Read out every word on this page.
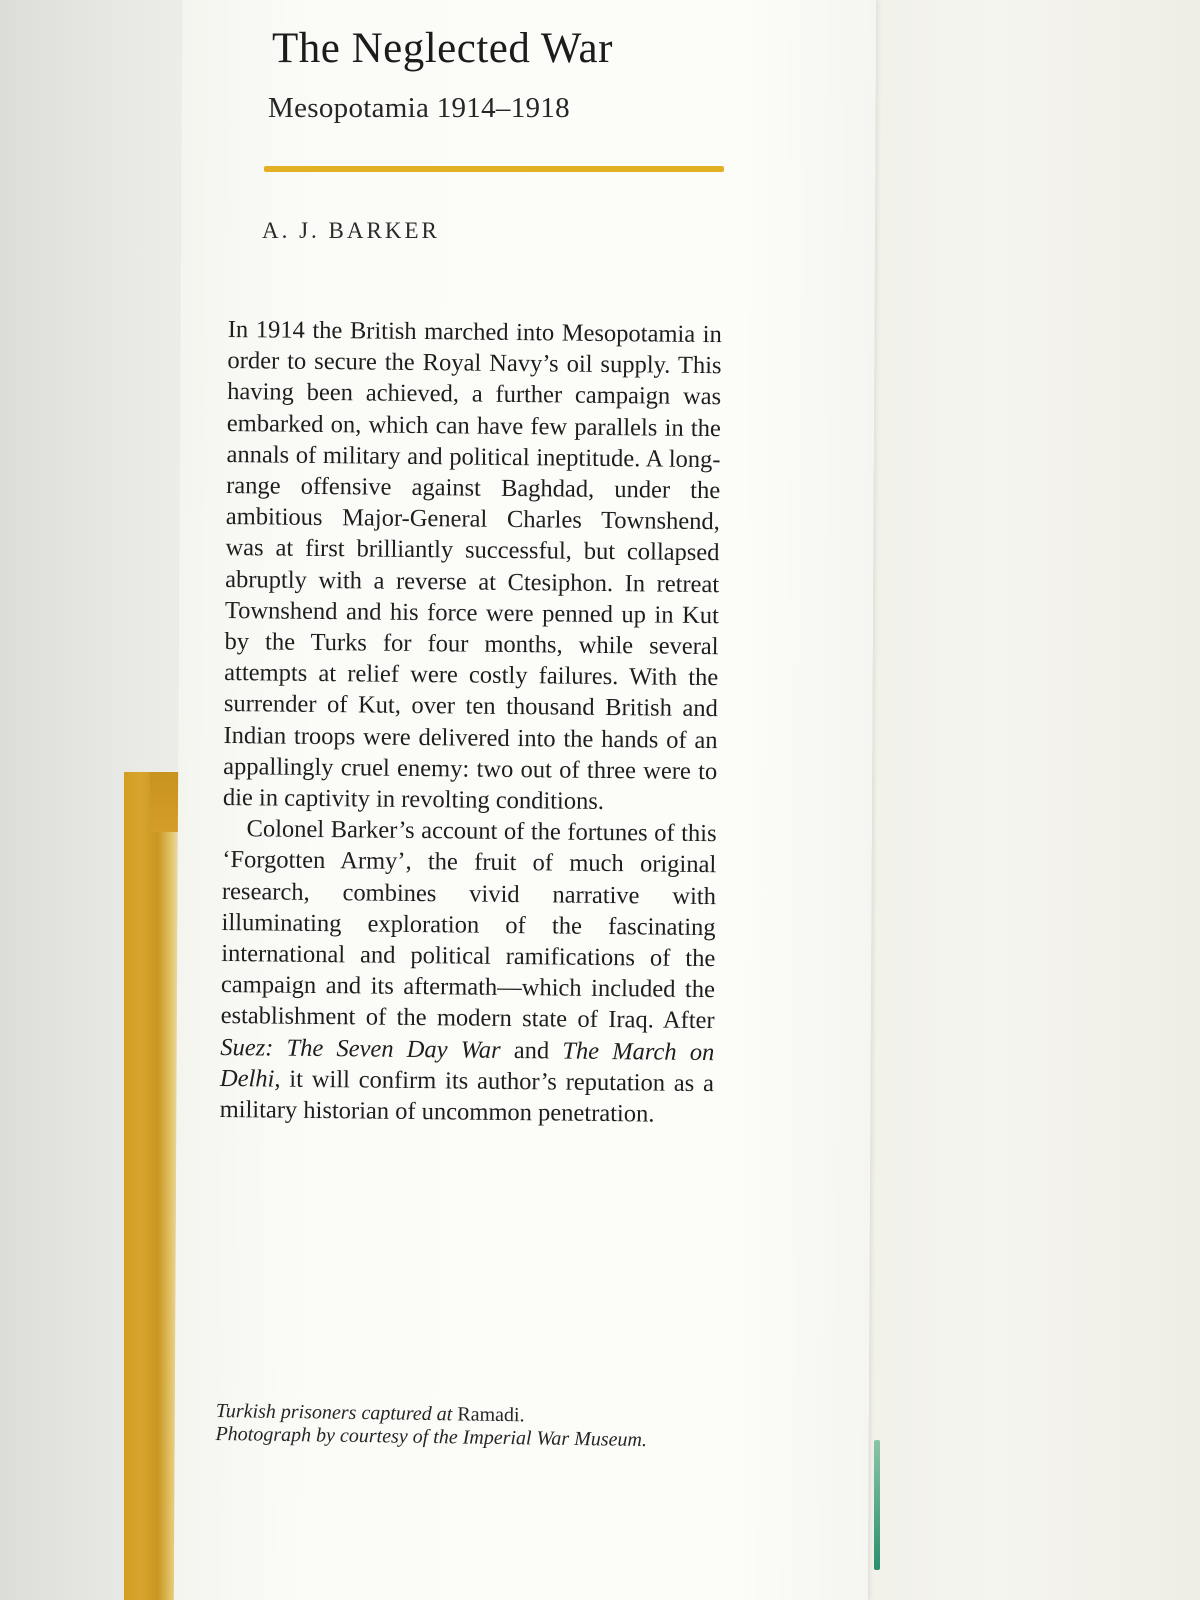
The Neglected War
Mesopotamia 1914–1918
A. J. BARKER

In 1914 the British marched into Mesopotamia in order to secure the Royal Navy’s oil supply. This having been achieved, a further campaign was embarked on, which can have few parallels in the annals of military and political ineptitude. A long-range offensive against Baghdad, under the ambitious Major-General Charles Townshend, was at first brilliantly successful, but collapsed abruptly with a reverse at Ctesiphon. In retreat Townshend and his force were penned up in Kut by the Turks for four months, while several attempts at relief were costly failures. With the surrender of Kut, over ten thousand British and Indian troops were delivered into the hands of an appallingly cruel enemy: two out of three were to die in captivity in revolting conditions.

Colonel Barker’s account of the fortunes of this ‘Forgotten Army’, the fruit of much original research, combines vivid narrative with illuminating exploration of the fascinating international and political ramifications of the campaign and its aftermath—which included the establishment of the modern state of Iraq. After Suez: The Seven Day War and The March on Delhi, it will confirm its author’s reputation as a military historian of uncommon penetration.

Turkish prisoners captured at Ramadi.
Photograph by courtesy of the Imperial War Museum.
